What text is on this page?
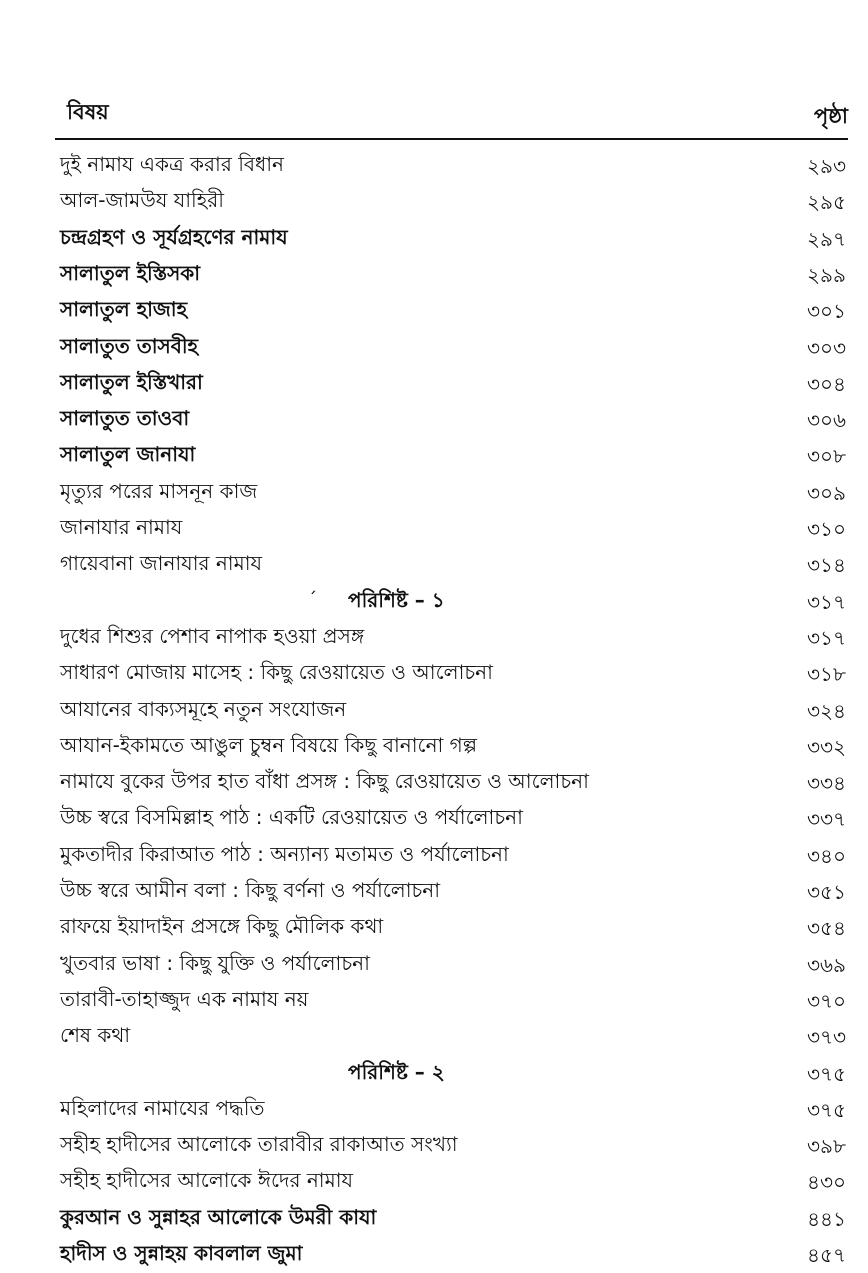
বিষয়	পৃষ্ঠা
দুই নামায একত্র করার বিধান	২৯৩
আল-জামউয যাহিরী	২৯৫
চন্দ্রগ্রহণ ও সূর্যগ্রহণের নামায	২৯৭
সালাতুল ইস্তিসকা	২৯৯
সালাতুল হাজাহ	৩০১
সালাতুত তাসবীহ	৩০৩
সালাতুল ইস্তিখারা	৩০৪
সালাতুত তাওবা	৩০৬
সালাতুল জানাযা	৩০৮
মৃত্যুর পরের মাসনূন কাজ	৩০৯
জানাযার নামায	৩১০
গায়েবানা জানাযার নামায	৩১৪
´ পরিশিষ্ট – ১	৩১৭
দুধের শিশুর পেশাব নাপাক হওয়া প্রসঙ্গ	৩১৭
সাধারণ মোজায় মাসেহ : কিছু রেওয়ায়েত ও আলোচনা	৩১৮
আযানের বাক্যসমূহে নতুন সংযোজন	৩২৪
আযান-ইকামতে আঙুল চুম্বন বিষয়ে কিছু বানানো গল্প	৩৩২
নামাযে বুকের উপর হাত বাঁধা প্রসঙ্গ : কিছু রেওয়ায়েত ও আলোচনা	৩৩৪
উচ্চ স্বরে বিসমিল্লাহ পাঠ : একটি রেওয়ায়েত ও পর্যালোচনা	৩৩৭
মুকতাদীর কিরাআত পাঠ : অন্যান্য মতামত ও পর্যালোচনা	৩৪০
উচ্চ স্বরে আমীন বলা : কিছু বর্ণনা ও পর্যালোচনা	৩৫১
রাফয়ে ইয়াদাইন প্রসঙ্গে কিছু মৌলিক কথা	৩৫৪
খুতবার ভাষা : কিছু যুক্তি ও পর্যালোচনা	৩৬৯
তারাবী-তাহাজ্জুদ এক নামায নয়	৩৭০
শেষ কথা	৩৭৩
পরিশিষ্ট – ২	৩৭৫
মহিলাদের নামাযের পদ্ধতি	৩৭৫
সহীহ হাদীসের আলোকে তারাবীর রাকাআত সংখ্যা	৩৯৮
সহীহ হাদীসের আলোকে ঈদের নামায	৪৩০
কুরআন ও সুন্নাহর আলোকে উমরী কাযা	৪৪১
হাদীস ও সুন্নাহয় কাবলাল জুমা	৪৫৭
